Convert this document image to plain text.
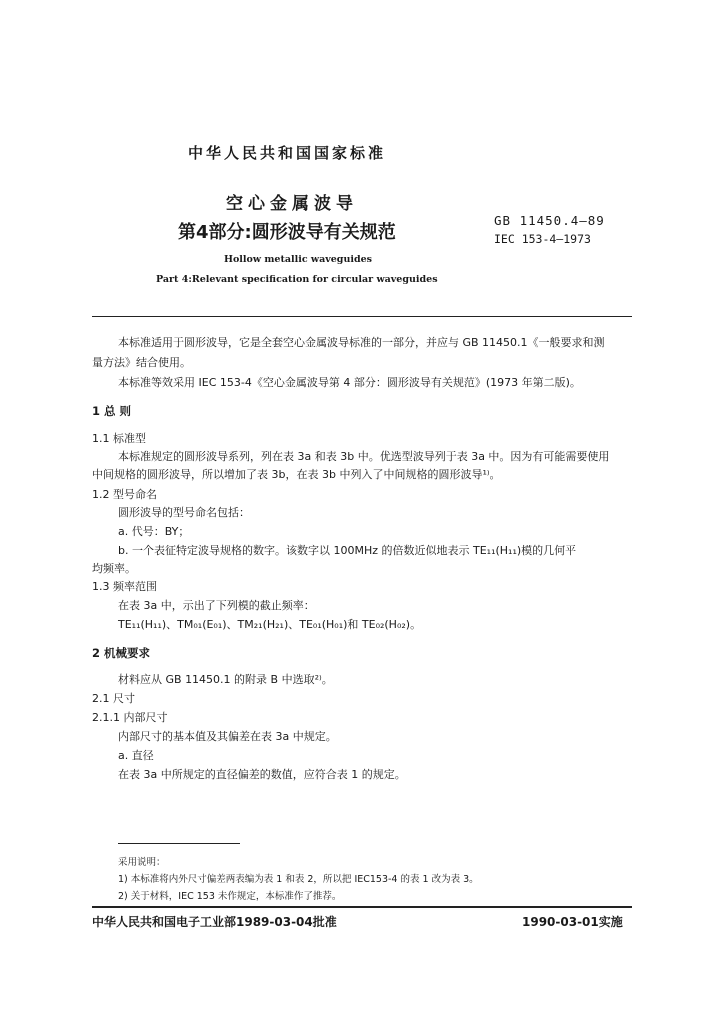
中华人民共和国国家标准
空心金属波导
第4部分:圆形波导有关规范
GB 11450.4—89
IEC 153-4—1973
Hollow metallic waveguides
Part 4:Relevant specification for circular waveguides
本标准适用于圆形波导，它是全套空心金属波导标准的一部分，并应与 GB 11450.1《一般要求和测
量方法》结合使用。
本标准等效采用 IEC 153-4《空心金属波导第 4 部分：圆形波导有关规范》(1973 年第二版)。
1 总 则
1.1 标准型
本标准规定的圆形波导系列，列在表 3a 和表 3b 中。优选型波导列于表 3a 中。因为有可能需要使用
中间规格的圆形波导，所以增加了表 3b，在表 3b 中列入了中间规格的圆形波导¹⁾。
1.2 型号命名
圆形波导的型号命名包括：
a. 代号：BY；
b. 一个表征特定波导规格的数字。该数字以 100MHz 的倍数近似地表示 TE₁₁(H₁₁)模的几何平
均频率。
1.3 频率范围
在表 3a 中，示出了下列模的截止频率：
TE₁₁(H₁₁)、TM₀₁(E₀₁)、TM₂₁(H₂₁)、TE₀₁(H₀₁)和 TE₀₂(H₀₂)。
2 机械要求
材料应从 GB 11450.1 的附录 B 中选取²⁾。
2.1 尺寸
2.1.1 内部尺寸
内部尺寸的基本值及其偏差在表 3a 中规定。
a. 直径
在表 3a 中所规定的直径偏差的数值，应符合表 1 的规定。
采用说明：
1) 本标准将内外尺寸偏差两表编为表 1 和表 2，所以把 IEC153-4 的表 1 改为表 3。
2) 关于材料，IEC 153 未作规定，本标准作了推荐。
中华人民共和国电子工业部1989-03-04批准	1990-03-01实施
